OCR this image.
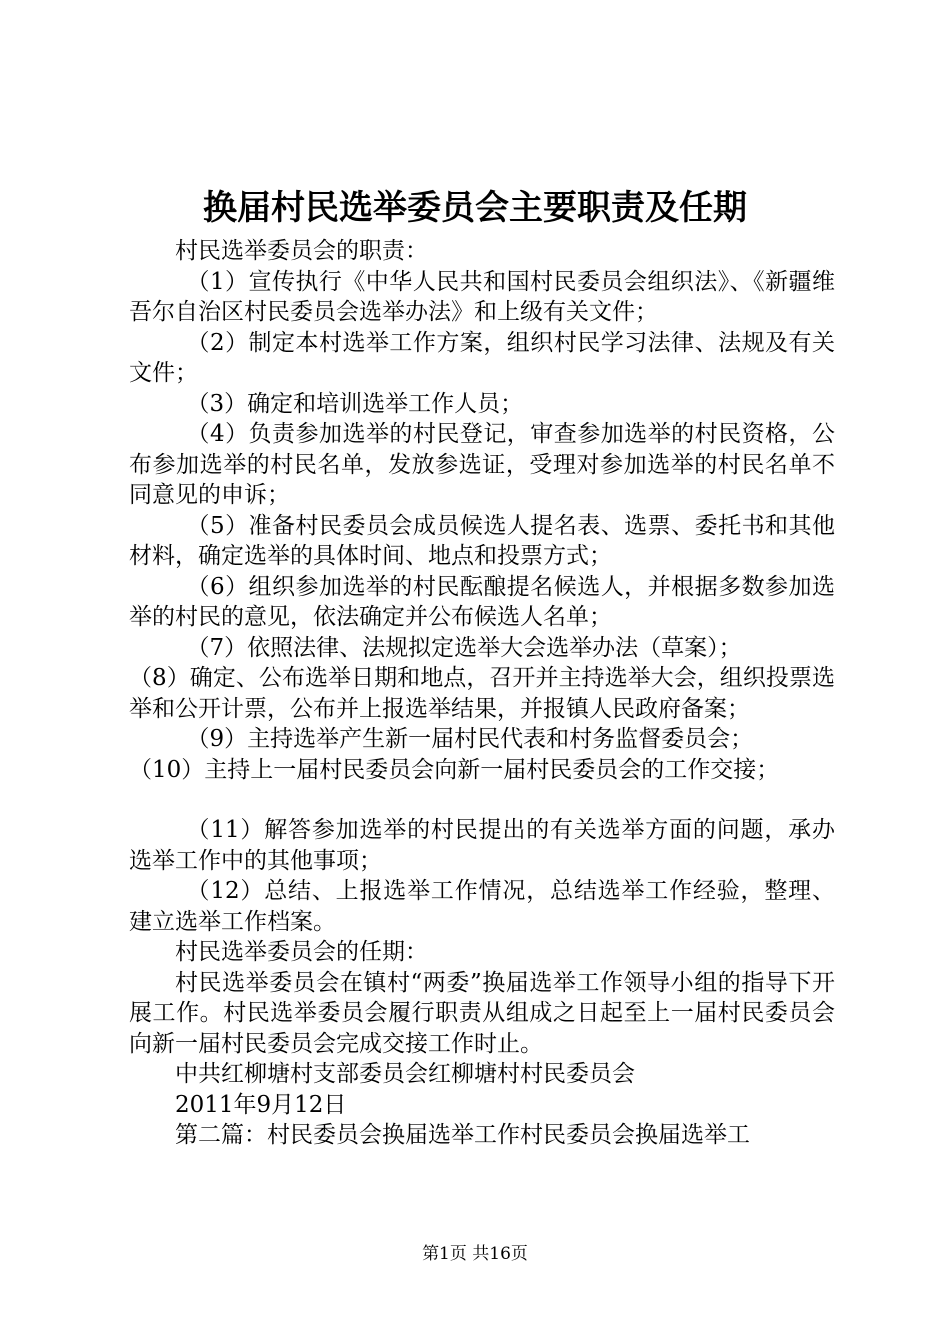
换届村民选举委员会主要职责及任期

村民选举委员会的职责：

（1）宣传执行《中华人民共和国村民委员会组织法》、《新疆维吾尔自治区村民委员会选举办法》和上级有关文件；

（2）制定本村选举工作方案，组织村民学习法律、法规及有关文件；

（3）确定和培训选举工作人员；

（4）负责参加选举的村民登记，审查参加选举的村民资格，公布参加选举的村民名单，发放参选证，受理对参加选举的村民名单不同意见的申诉；

（5）准备村民委员会成员候选人提名表、选票、委托书和其他材料，确定选举的具体时间、地点和投票方式；

（6）组织参加选举的村民酝酿提名候选人，并根据多数参加选举的村民的意见，依法确定并公布候选人名单；

（7）依照法律、法规拟定选举大会选举办法（草案）；

（8）确定、公布选举日期和地点，召开并主持选举大会，组织投票选举和公开计票，公布并上报选举结果，并报镇人民政府备案；

（9）主持选举产生新一届村民代表和村务监督委员会；

（10）主持上一届村民委员会向新一届村民委员会的工作交接；

（11）解答参加选举的村民提出的有关选举方面的问题，承办选举工作中的其他事项；

（12）总结、上报选举工作情况，总结选举工作经验，整理、建立选举工作档案。

村民选举委员会的任期：

村民选举委员会在镇村“两委”换届选举工作领导小组的指导下开展工作。村民选举委员会履行职责从组成之日起至上一届村民委员会向新一届村民委员会完成交接工作时止。

中共红柳塘村支部委员会红柳塘村村民委员会

2011年9月12日

第二篇：村民委员会换届选举工作村民委员会换届选举工

第1页 共16页
